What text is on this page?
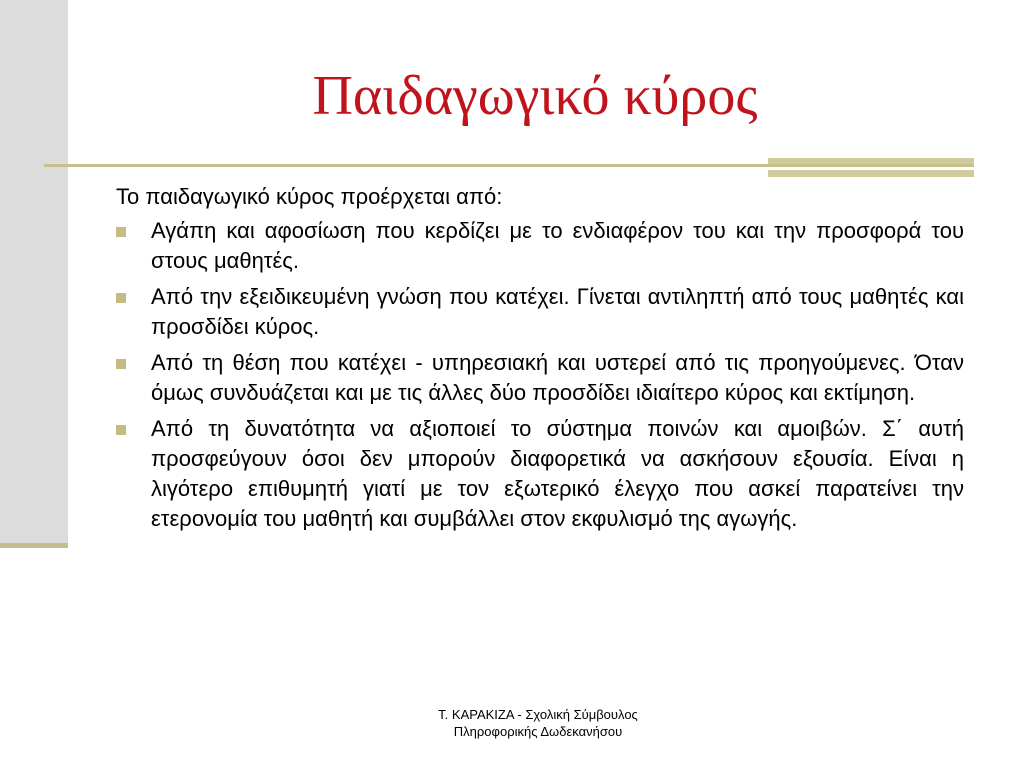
Παιδαγωγικό κύρος

Το παιδαγωγικό κύρος προέρχεται από:

Αγάπη και αφοσίωση που κερδίζει με το ενδιαφέρον του και την προσφορά του στους μαθητές.
Από την εξειδικευμένη γνώση που κατέχει. Γίνεται αντιληπτή από τους μαθητές και προσδίδει κύρος.
Από τη θέση που κατέχει - υπηρεσιακή και υστερεί από τις προηγούμενες. Όταν όμως συνδυάζεται και με τις άλλες δύο προσδίδει ιδιαίτερο κύρος και εκτίμηση.
Από τη δυνατότητα να αξιοποιεί το σύστημα ποινών και αμοιβών. Σ΄ αυτή προσφεύγουν όσοι δεν μπορούν διαφορετικά να ασκήσουν εξουσία. Είναι η λιγότερο επιθυμητή γιατί με τον εξωτερικό έλεγχο που ασκεί παρατείνει την ετερονομία του μαθητή και συμβάλλει στον εκφυλισμό της αγωγής.
Τ. ΚΑΡΑΚΙΖΑ - Σχολική Σύμβουλος
Πληροφορικής Δωδεκανήσου
